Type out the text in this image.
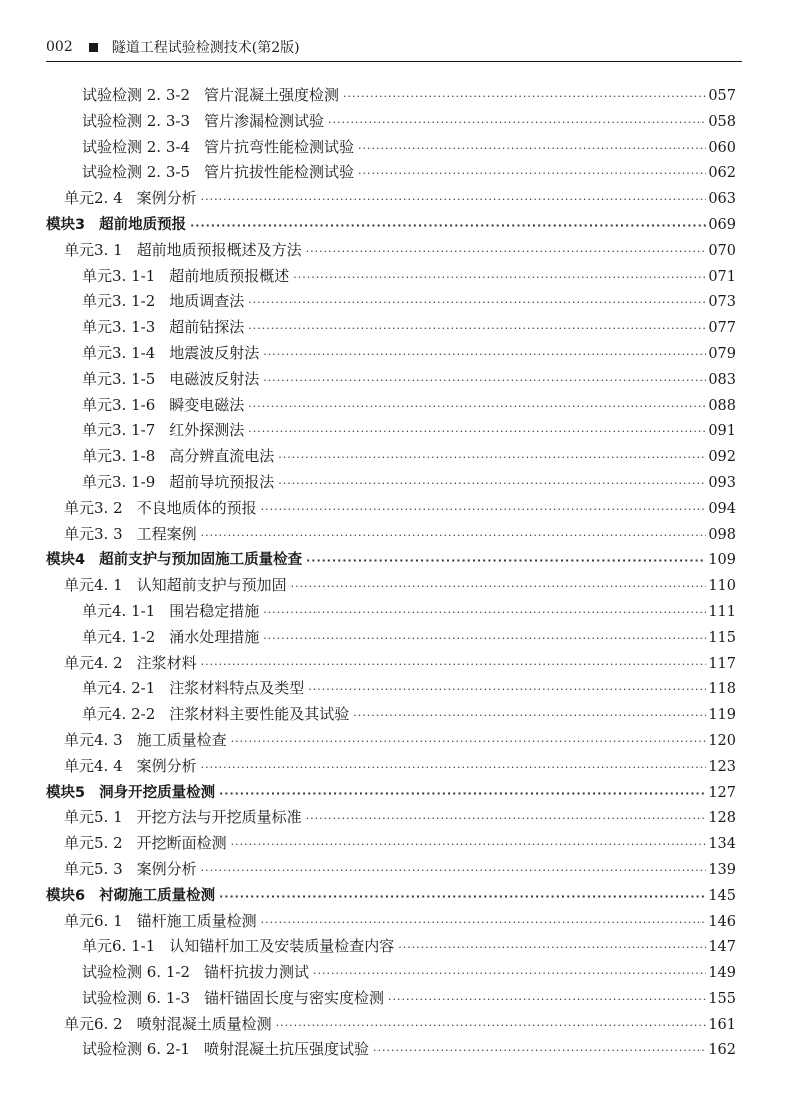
002	隧道工程试验检测技术(第2版)
试验检测 2. 3-2 管片混凝土强度检测 ·····	057
试验检测 2. 3-3 管片渗漏检测试验 ·····	058
试验检测 2. 3-4 管片抗弯性能检测试验 ·····	060
试验检测 2. 3-5 管片抗拔性能检测试验 ·····	062
单元2. 4 案例分析 ·····	063
模块3 超前地质预报 ·····	069
单元3. 1 超前地质预报概述及方法 ·····	070
单元3. 1-1 超前地质预报概述 ·····	071
单元3. 1-2 地质调查法 ·····	073
单元3. 1-3 超前钻探法 ·····	077
单元3. 1-4 地震波反射法 ·····	079
单元3. 1-5 电磁波反射法 ·····	083
单元3. 1-6 瞬变电磁法 ·····	088
单元3. 1-7 红外探测法 ·····	091
单元3. 1-8 高分辨直流电法 ·····	092
单元3. 1-9 超前导坑预报法 ·····	093
单元3. 2 不良地质体的预报 ·····	094
单元3. 3 工程案例 ·····	098
模块4 超前支护与预加固施工质量检查 ·····	109
单元4. 1 认知超前支护与预加固 ·····	110
单元4. 1-1 围岩稳定措施 ·····	111
单元4. 1-2 涌水处理措施 ·····	115
单元4. 2 注浆材料 ·····	117
单元4. 2-1 注浆材料特点及类型 ·····	118
单元4. 2-2 注浆材料主要性能及其试验 ·····	119
单元4. 3 施工质量检查 ·····	120
单元4. 4 案例分析 ·····	123
模块5 洞身开挖质量检测 ·····	127
单元5. 1 开挖方法与开挖质量标准 ·····	128
单元5. 2 开挖断面检测 ·····	134
单元5. 3 案例分析 ·····	139
模块6 衬砌施工质量检测 ·····	145
单元6. 1 锚杆施工质量检测 ·····	146
单元6. 1-1 认知锚杆加工及安装质量检查内容 ·····	147
试验检测 6. 1-2 锚杆抗拔力测试 ·····	149
试验检测 6. 1-3 锚杆锚固长度与密实度检测 ·····	155
单元6. 2 喷射混凝土质量检测 ·····	161
试验检测 6. 2-1 喷射混凝土抗压强度试验 ·····	162
